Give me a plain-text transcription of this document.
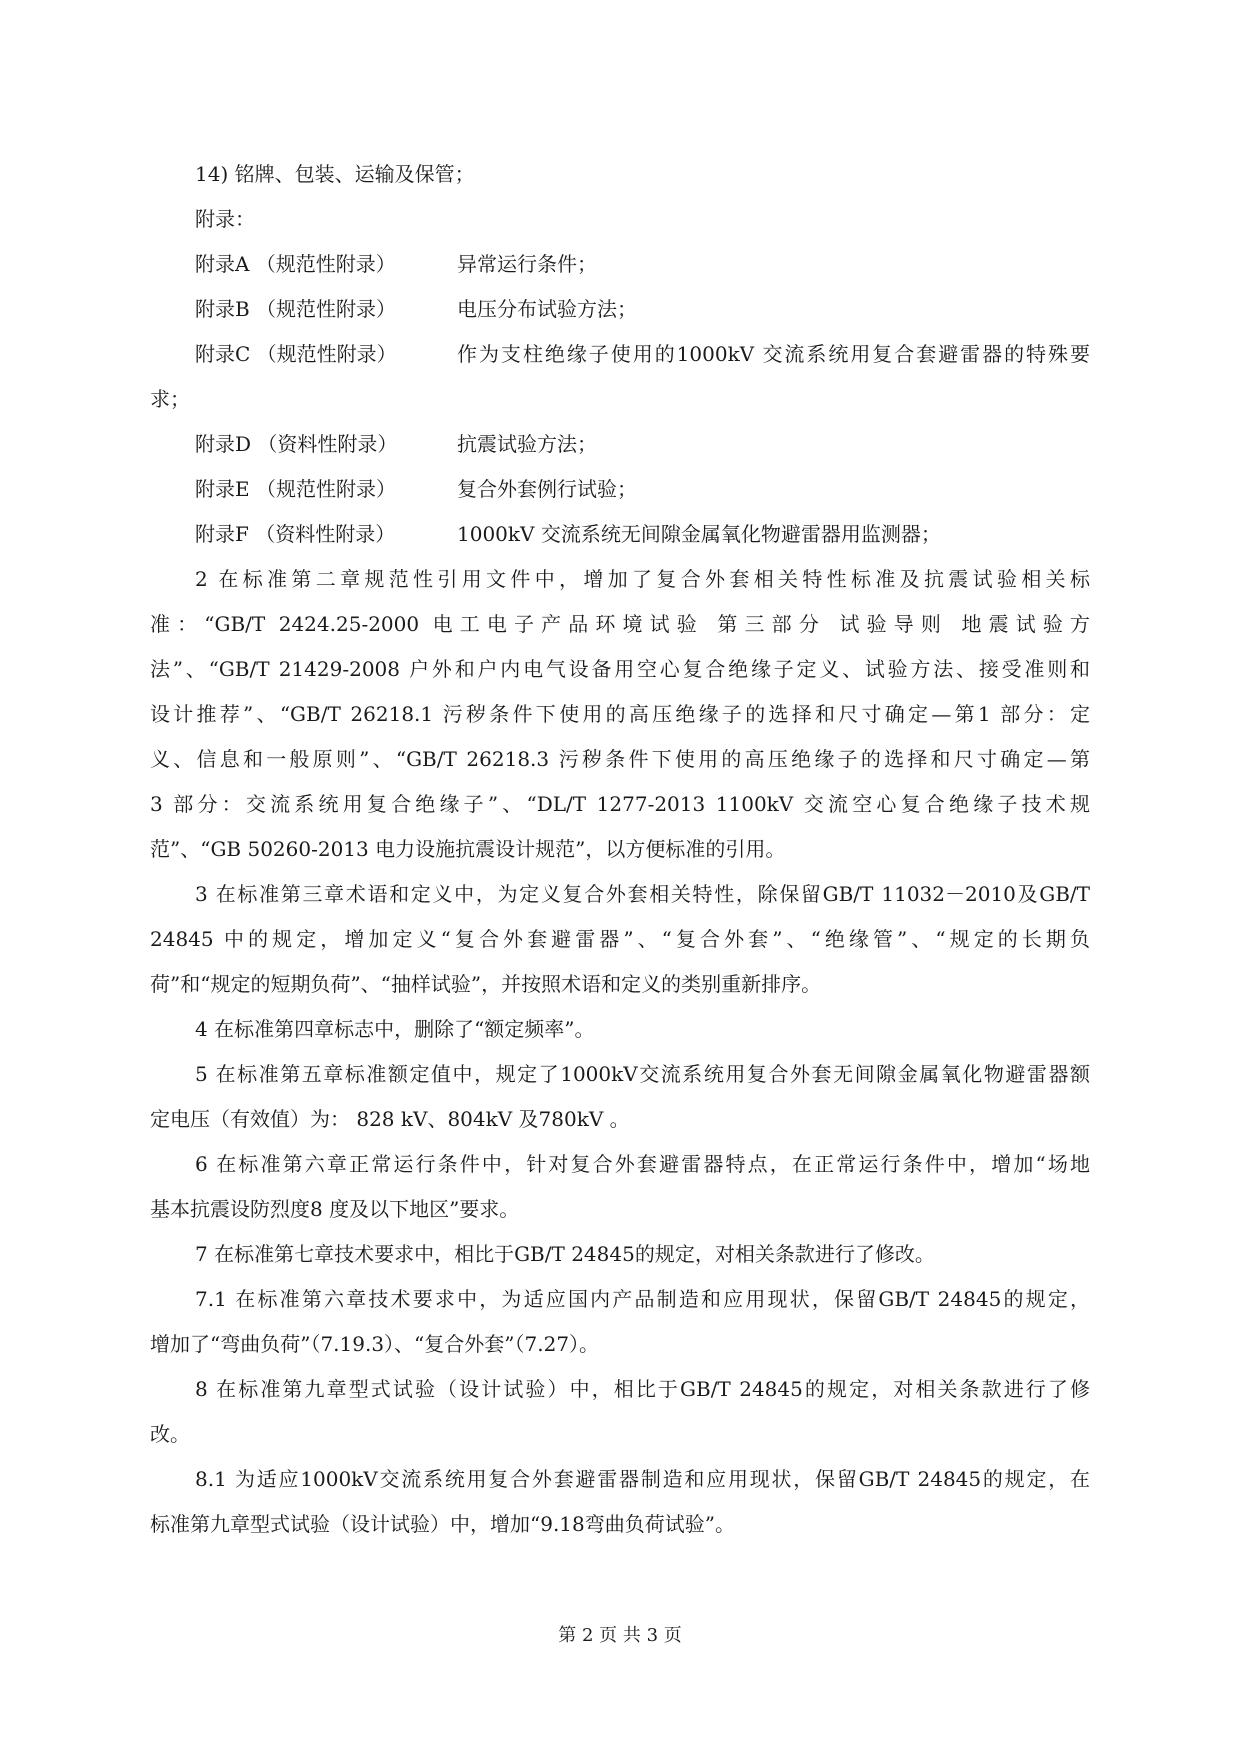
14) 铭牌、包装、运输及保管；
附录：
附录A （规范性附录）	异常运行条件；
附录B （规范性附录）	电压分布试验方法；
附录C （规范性附录）	作为支柱绝缘子使用的1000kV 交流系统用复合套避雷器的特殊要
求；
附录D （资料性附录）	抗震试验方法；
附录E （规范性附录）	复合外套例行试验；
附录F （资料性附录）	1000kV 交流系统无间隙金属氧化物避雷器用监测器；
2 在标准第二章规范性引用文件中，增加了复合外套相关特性标准及抗震试验相关标
准：“GB/T 2424.25-2000 电工电子产品环境试验 第三部分 试验导则 地震试验方
法”、“GB/T 21429-2008 户外和户内电气设备用空心复合绝缘子定义、试验方法、接受准则和
设计推荐”、“GB/T 26218.1 污秽条件下使用的高压绝缘子的选择和尺寸确定—第1 部分：定
义、信息和一般原则”、“GB/T 26218.3 污秽条件下使用的高压绝缘子的选择和尺寸确定—第
3 部分：交流系统用复合绝缘子”、“DL/T 1277-2013 1100kV 交流空心复合绝缘子技术规
范”、“GB 50260-2013 电力设施抗震设计规范”，以方便标准的引用。
3 在标准第三章术语和定义中，为定义复合外套相关特性，除保留GB/T 11032－2010及GB/T
24845 中的规定，增加定义“复合外套避雷器”、“复合外套”、“绝缘管”、“规定的长期负
荷”和“规定的短期负荷”、“抽样试验”，并按照术语和定义的类别重新排序。
4 在标准第四章标志中，删除了“额定频率”。
5 在标准第五章标准额定值中，规定了1000kV交流系统用复合外套无间隙金属氧化物避雷器额
定电压（有效值）为： 828 kV、804kV 及780kV 。
6 在标准第六章正常运行条件中，针对复合外套避雷器特点，在正常运行条件中，增加“场地
基本抗震设防烈度8 度及以下地区”要求。
7 在标准第七章技术要求中，相比于GB/T 24845的规定，对相关条款进行了修改。
7.1 在标准第六章技术要求中，为适应国内产品制造和应用现状，保留GB/T 24845的规定，
增加了“弯曲负荷”（7.19.3）、“复合外套”（7.27）。
8 在标准第九章型式试验（设计试验）中，相比于GB/T 24845的规定，对相关条款进行了修
改。
8.1 为适应1000kV交流系统用复合外套避雷器制造和应用现状，保留GB/T 24845的规定，在
标准第九章型式试验（设计试验）中，增加“9.18弯曲负荷试验”。
第 2 页 共 3 页
